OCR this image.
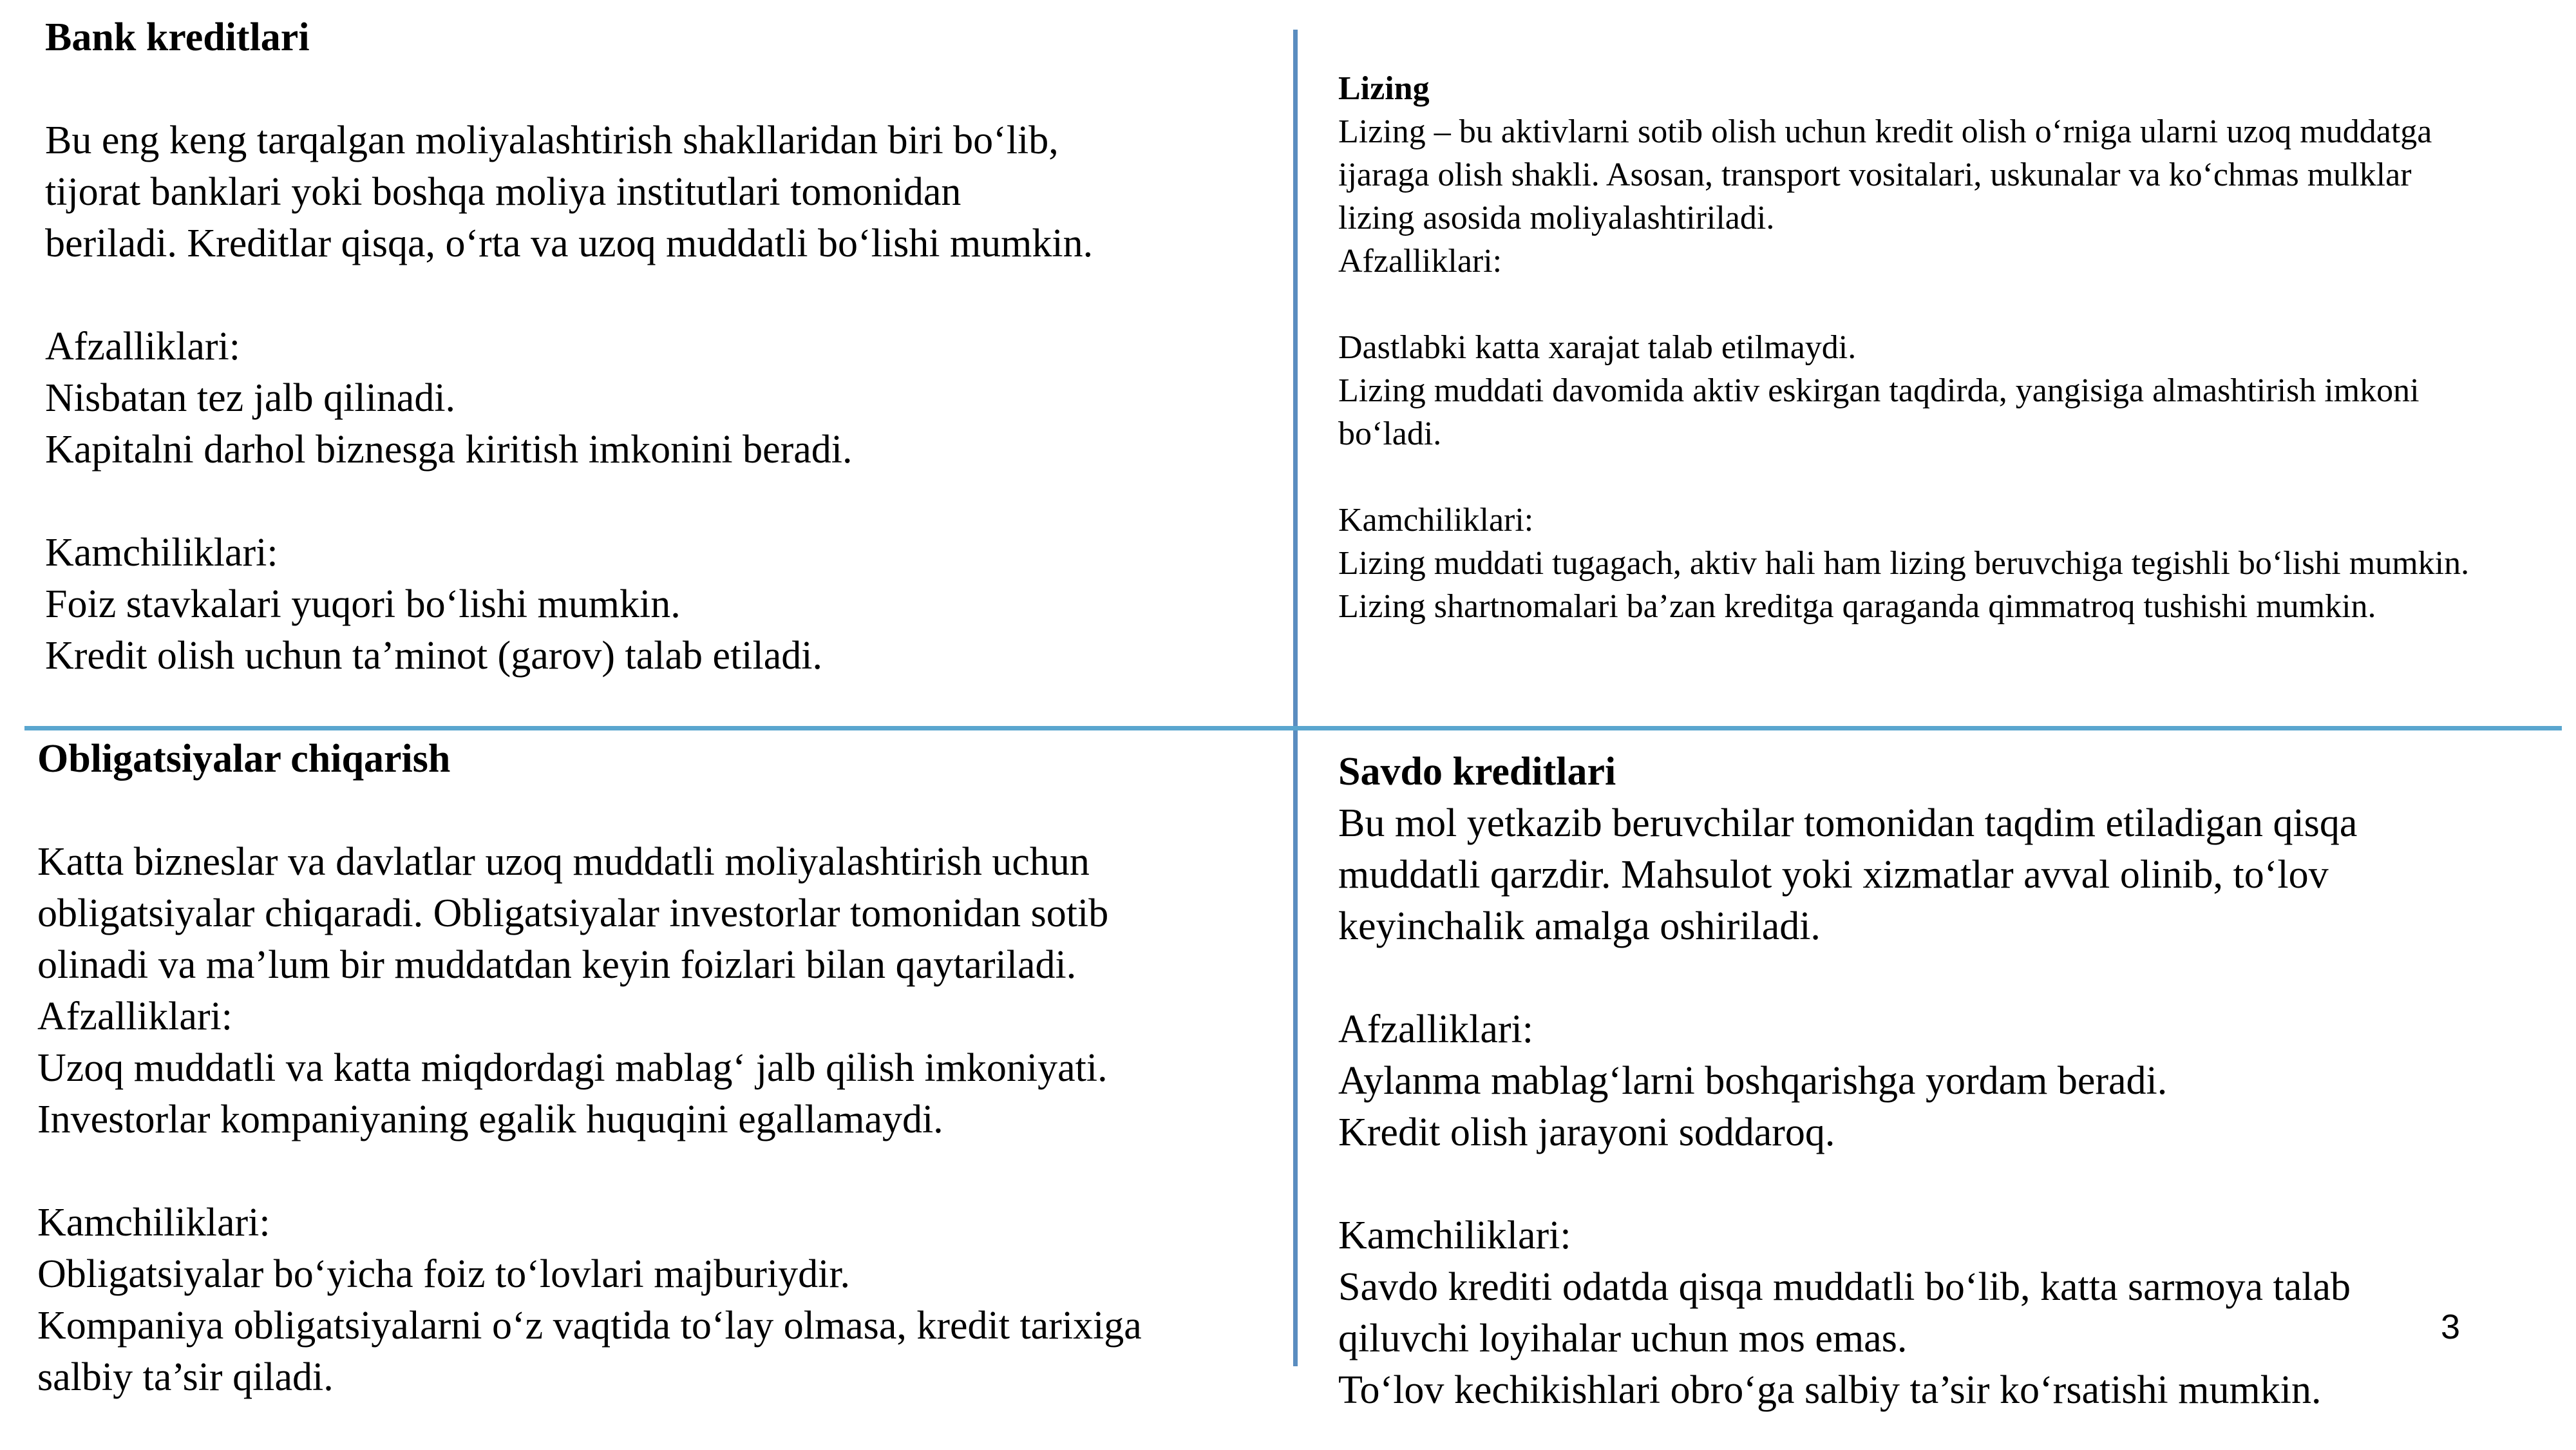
Bank kreditlari

Bu eng keng tarqalgan moliyalashtirish shakllaridan biri bo‘lib,
tijorat banklari yoki boshqa moliya institutlari tomonidan
beriladi. Kreditlar qisqa, o‘rta va uzoq muddatli bo‘lishi mumkin.

Afzalliklari:

Nisbatan tez jalb qilinadi.

Kapitalni darhol biznesga kiritish imkonini beradi.

Kamchiliklari:

Foiz stavkalari yuqori bo‘lishi mumkin.

Kredit olish uchun ta’minot (garov) talab etiladi.

Lizing

Lizing – bu aktivlarni sotib olish uchun kredit olish o‘rniga ularni uzoq muddatga
ijaraga olish shakli. Asosan, transport vositalari, uskunalar va ko‘chmas mulklar
lizing asosida moliyalashtiriladi.

Afzalliklari:

Dastlabki katta xarajat talab etilmaydi.

Lizing muddati davomida aktiv eskirgan taqdirda, yangisiga almashtirish imkoni
bo‘ladi.

Kamchiliklari:

Lizing muddati tugagach, aktiv hali ham lizing beruvchiga tegishli bo‘lishi mumkin.

Lizing shartnomalari ba’zan kreditga qaraganda qimmatroq tushishi mumkin.

Obligatsiyalar chiqarish

Katta bizneslar va davlatlar uzoq muddatli moliyalashtirish uchun
obligatsiyalar chiqaradi. Obligatsiyalar investorlar tomonidan sotib
olinadi va ma’lum bir muddatdan keyin foizlari bilan qaytariladi.

Afzalliklari:

Uzoq muddatli va katta miqdordagi mablag‘ jalb qilish imkoniyati.

Investorlar kompaniyaning egalik huquqini egallamaydi.

Kamchiliklari:

Obligatsiyalar bo‘yicha foiz to‘lovlari majburiydir.

Kompaniya obligatsiyalarni o‘z vaqtida to‘lay olmasa, kredit tarixiga
salbiy ta’sir qiladi.

Savdo kreditlari

Bu mol yetkazib beruvchilar tomonidan taqdim etiladigan qisqa
muddatli qarzdir. Mahsulot yoki xizmatlar avval olinib, to‘lov
keyinchalik amalga oshiriladi.

Afzalliklari:

Aylanma mablag‘larni boshqarishga yordam beradi.

Kredit olish jarayoni soddaroq.

Kamchiliklari:

Savdo krediti odatda qisqa muddatli bo‘lib, katta sarmoya talab
qiluvchi loyihalar uchun mos emas.

To‘lov kechikishlari obro‘ga salbiy ta’sir ko‘rsatishi mumkin.

3
